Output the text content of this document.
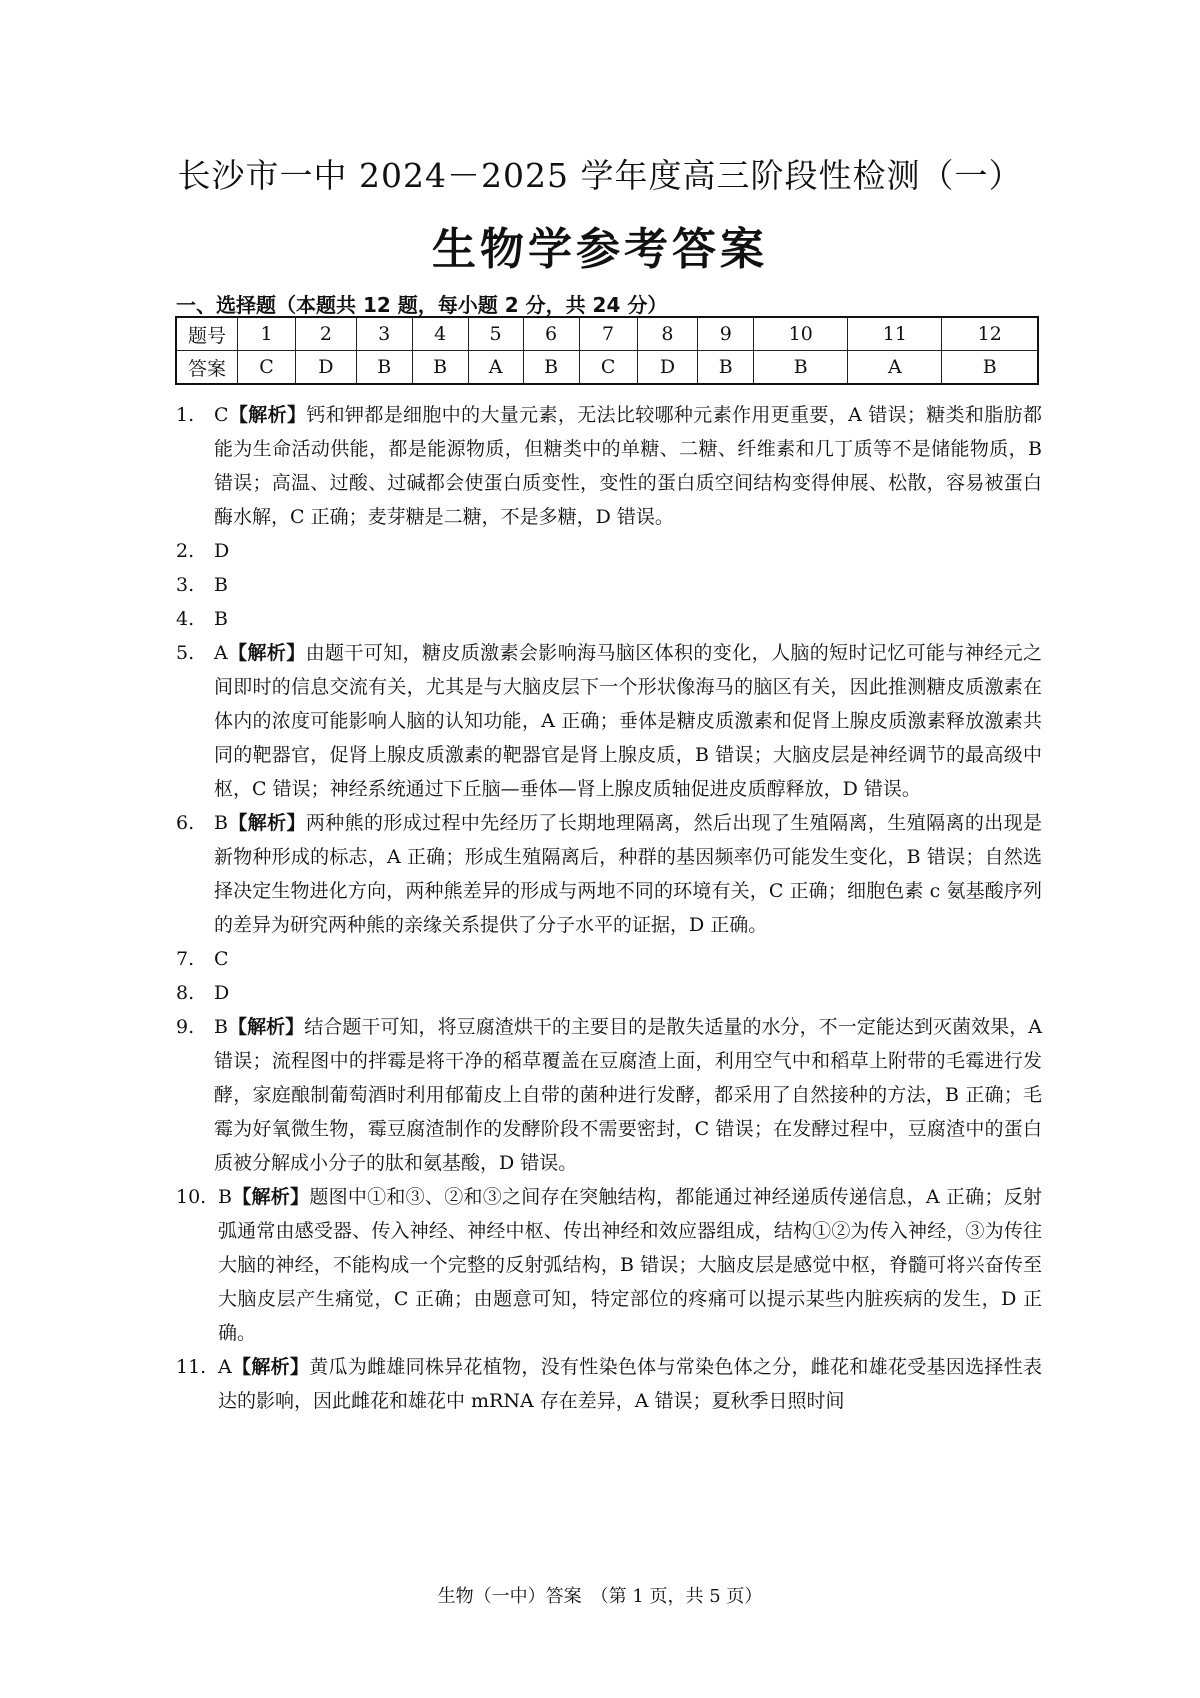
长沙市一中 2024－2025 学年度高三阶段性检测（一）
生物学参考答案
一、选择题（本题共 12 题，每小题 2 分，共 24 分）
题号	1	2	3	4	5	6	7	8	9	10	11	12
答案	C	D	B	B	A	B	C	D	B	B	A	B
1.	C【解析】钙和钾都是细胞中的大量元素，无法比较哪种元素作用更重要，A 错误；糖类和脂肪都能为生命活动供能，都是能源物质，但糖类中的单糖、二糖、纤维素和几丁质等不是储能物质，B 错误；高温、过酸、过碱都会使蛋白质变性，变性的蛋白质空间结构变得伸展、松散，容易被蛋白酶水解，C 正确；麦芽糖是二糖，不是多糖，D 错误。
2.	D
3.	B
4.	B
5.	A【解析】由题干可知，糖皮质激素会影响海马脑区体积的变化，人脑的短时记忆可能与神经元之间即时的信息交流有关，尤其是与大脑皮层下一个形状像海马的脑区有关，因此推测糖皮质激素在体内的浓度可能影响人脑的认知功能，A 正确；垂体是糖皮质激素和促肾上腺皮质激素释放激素共同的靶器官，促肾上腺皮质激素的靶器官是肾上腺皮质，B 错误；大脑皮层是神经调节的最高级中枢，C 错误；神经系统通过下丘脑—垂体—肾上腺皮质轴促进皮质醇释放，D 错误。
6.	B【解析】两种熊的形成过程中先经历了长期地理隔离，然后出现了生殖隔离，生殖隔离的出现是新物种形成的标志，A 正确；形成生殖隔离后，种群的基因频率仍可能发生变化，B 错误；自然选择决定生物进化方向，两种熊差异的形成与两地不同的环境有关，C 正确；细胞色素 c 氨基酸序列的差异为研究两种熊的亲缘关系提供了分子水平的证据，D 正确。
7.	C
8.	D
9.	B【解析】结合题干可知，将豆腐渣烘干的主要目的是散失适量的水分，不一定能达到灭菌效果，A 错误；流程图中的拌霉是将干净的稻草覆盖在豆腐渣上面，利用空气中和稻草上附带的毛霉进行发酵，家庭酿制葡萄酒时利用郁葡皮上自带的菌种进行发酵，都采用了自然接种的方法，B 正确；毛霉为好氧微生物，霉豆腐渣制作的发酵阶段不需要密封，C 错误；在发酵过程中，豆腐渣中的蛋白质被分解成小分子的肽和氨基酸，D 错误。
10. B【解析】题图中①和③、②和③之间存在突触结构，都能通过神经递质传递信息，A 正确；反射弧通常由感受器、传入神经、神经中枢、传出神经和效应器组成，结构①②为传入神经，③为传往大脑的神经，不能构成一个完整的反射弧结构，B 错误；大脑皮层是感觉中枢，脊髓可将兴奋传至大脑皮层产生痛觉，C 正确；由题意可知，特定部位的疼痛可以提示某些内脏疾病的发生，D 正确。
11. A【解析】黄瓜为雌雄同株异花植物，没有性染色体与常染色体之分，雌花和雄花受基因选择性表达的影响，因此雌花和雄花中 mRNA 存在差异，A 错误；夏秋季日照时间
生物（一中）答案　（第 1 页，共 5 页）
